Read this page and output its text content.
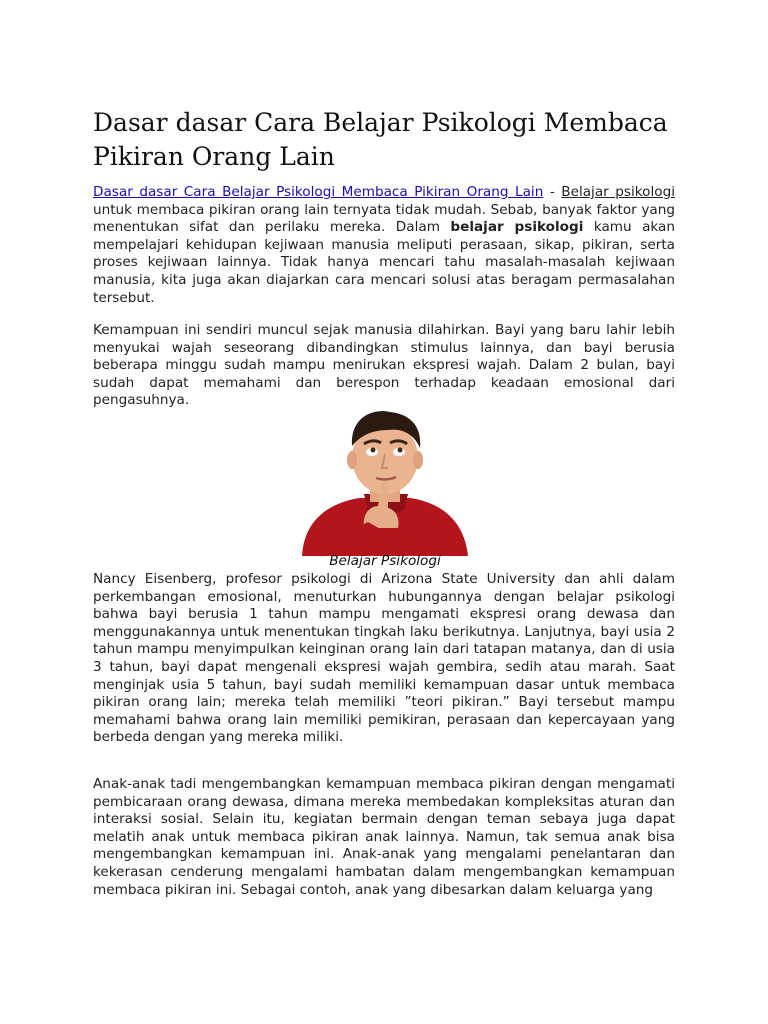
Dasar dasar Cara Belajar Psikologi Membaca Pikiran Orang Lain

Dasar dasar Cara Belajar Psikologi Membaca Pikiran Orang Lain - Belajar psikologi untuk membaca pikiran orang lain ternyata tidak mudah. Sebab, banyak faktor yang menentukan sifat dan perilaku mereka. Dalam belajar psikologi kamu akan mempelajari kehidupan kejiwaan manusia meliputi perasaan, sikap, pikiran, serta proses kejiwaan lainnya. Tidak hanya mencari tahu masalah-masalah kejiwaan manusia, kita juga akan diajarkan cara mencari solusi atas beragam permasalahan tersebut.

Kemampuan ini sendiri muncul sejak manusia dilahirkan. Bayi yang baru lahir lebih menyukai wajah seseorang dibandingkan stimulus lainnya, dan bayi berusia beberapa minggu sudah mampu menirukan ekspresi wajah. Dalam 2 bulan, bayi sudah dapat memahami dan berespon terhadap keadaan emosional dari pengasuhnya.

Belajar Psikologi

Nancy Eisenberg, profesor psikologi di Arizona State University dan ahli dalam perkembangan emosional, menuturkan hubungannya dengan belajar psikologi bahwa bayi berusia 1 tahun mampu mengamati ekspresi orang dewasa dan menggunakannya untuk menentukan tingkah laku berikutnya. Lanjutnya, bayi usia 2 tahun mampu menyimpulkan keinginan orang lain dari tatapan matanya, dan di usia 3 tahun, bayi dapat mengenali ekspresi wajah gembira, sedih atau marah. Saat menginjak usia 5 tahun, bayi sudah memiliki kemampuan dasar untuk membaca pikiran orang lain; mereka telah memiliki ”teori pikiran.” Bayi tersebut mampu memahami bahwa orang lain memiliki pemikiran, perasaan dan kepercayaan yang berbeda dengan yang mereka miliki.

Anak-anak tadi mengembangkan kemampuan membaca pikiran dengan mengamati pembicaraan orang dewasa, dimana mereka membedakan kompleksitas aturan dan interaksi sosial. Selain itu, kegiatan bermain dengan teman sebaya juga dapat melatih anak untuk membaca pikiran anak lainnya. Namun, tak semua anak bisa mengembangkan kemampuan ini. Anak-anak yang mengalami penelantaran dan kekerasan cenderung mengalami hambatan dalam mengembangkan kemampuan membaca pikiran ini. Sebagai contoh, anak yang dibesarkan dalam keluarga yang
